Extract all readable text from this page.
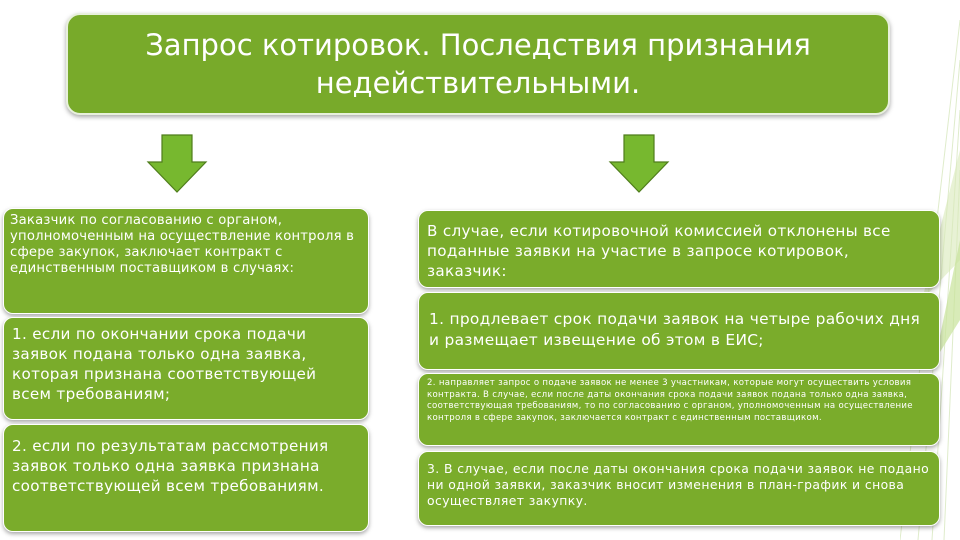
Запрос котировок. Последствия признания
недействительными.

Заказчик по согласованию с органом, уполномоченным на осуществление контроля в сфере закупок, заключает контракт с единственным поставщиком в случаях:

1. если по окончании срока подачи заявок подана только одна заявка, которая признана соответствующей всем требованиям;

2. если по результатам рассмотрения заявок только одна заявка признана соответствующей всем требованиям.

В случае, если котировочной комиссией отклонены все поданные заявки на участие в запросе котировок, заказчик:

1. продлевает срок подачи заявок на четыре рабочих дня и размещает извещение об этом в ЕИС;

2. направляет запрос о подаче заявок не менее 3 участникам, которые могут осуществить условия контракта. В случае, если после даты окончания срока подачи заявок подана только одна заявка, соответствующая требованиям, то по согласованию с органом, уполномоченным на осуществление контроля в сфере закупок, заключается контракт с единственным поставщиком.

3. В случае, если после даты окончания срока подачи заявок не подано ни одной заявки, заказчик вносит изменения в план-график и снова осуществляет закупку.
